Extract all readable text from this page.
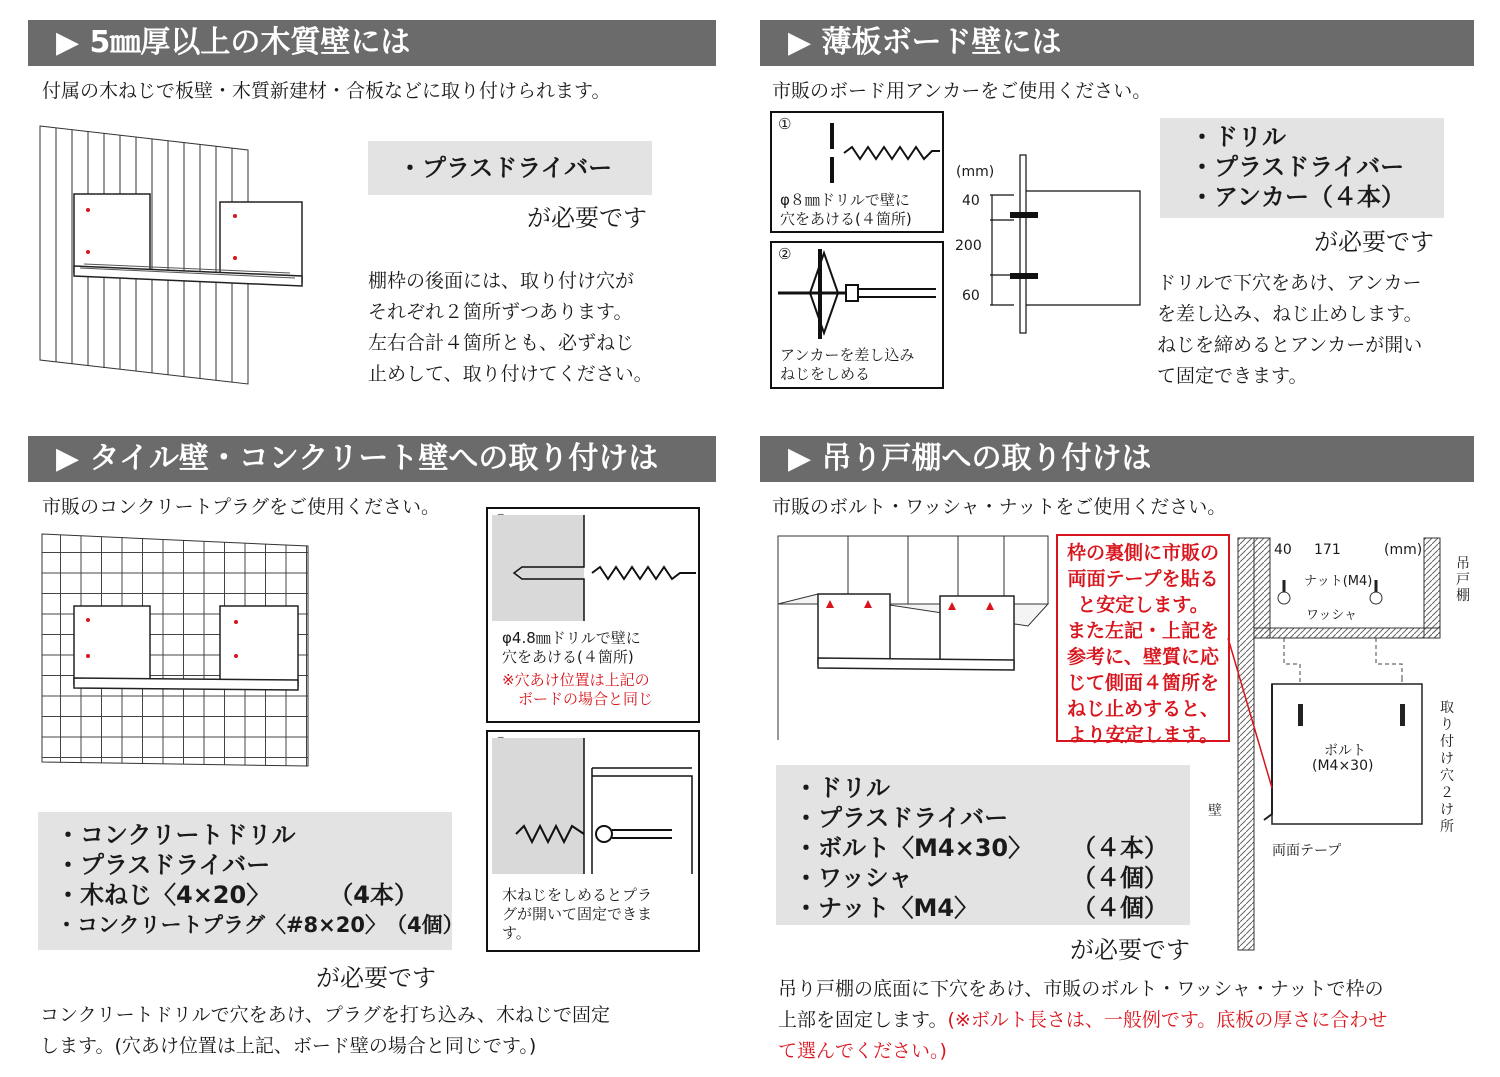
▶ 5㎜厚以上の木質壁には
付属の木ねじで板壁・木質新建材・合板などに取り付けられます。
・プラスドライバー
が必要です
棚枠の後面には、取り付け穴が
それぞれ２箇所ずつあります。
左右合計４箇所とも、必ずねじ
止めして、取り付けてください。
▶ 薄板ボード壁には
市販のボード用アンカーをご使用ください。
①
φ８㎜ドリルで壁に
穴をあける(４箇所)
②
アンカーを差し込み
ねじをしめる
(mm)
40
200
60
・ドリル
・プラスドライバー
・アンカー（４本）
が必要です
ドリルで下穴をあけ、アンカー
を差し込み、ねじ止めします。
ねじを締めるとアンカーが開い
て固定できます。
▶ タイル壁・コンクリート壁への取り付けは
市販のコンクリートプラグをご使用ください。
φ4.8㎜ドリルで壁に
穴をあける(４箇所)
※穴あけ位置は上記の
ボードの場合と同じ
木ねじをしめるとプラ
グが開いて固定できま
す。
・コンクリートドリル
・プラスドライバー
・木ねじ〈4×20〉 （4本）
・コンクリートプラグ〈#8×20〉 （4個）
が必要です
コンクリートドリルで穴をあけ、プラグを打ち込み、木ねじで固定
します。(穴あけ位置は上記、ボード壁の場合と同じです。)
▶ 吊り戸棚への取り付けは
市販のボルト・ワッシャ・ナットをご使用ください。
枠の裏側に市販の
両面テープを貼る
と安定します。
また左記・上記を
参考に、壁質に応
じて側面４箇所を
ねじ止めすると、
より安定します。
40 171	(mm)
ナット(M4)
ワッシャ
吊戸棚
ボルト
(M4×30)
取り付け穴２け所
壁
両面テープ
・ドリル
・プラスドライバー
・ボルト〈M4×30〉 （４本）
・ワッシャ	（４個）
・ナット〈M4〉	（４個）
が必要です
吊り戸棚の底面に下穴をあけ、市販のボルト・ワッシャ・ナットで枠の
上部を固定します。(※ボルト長さは、一般例です。底板の厚さに合わせ
て選んでください。)
